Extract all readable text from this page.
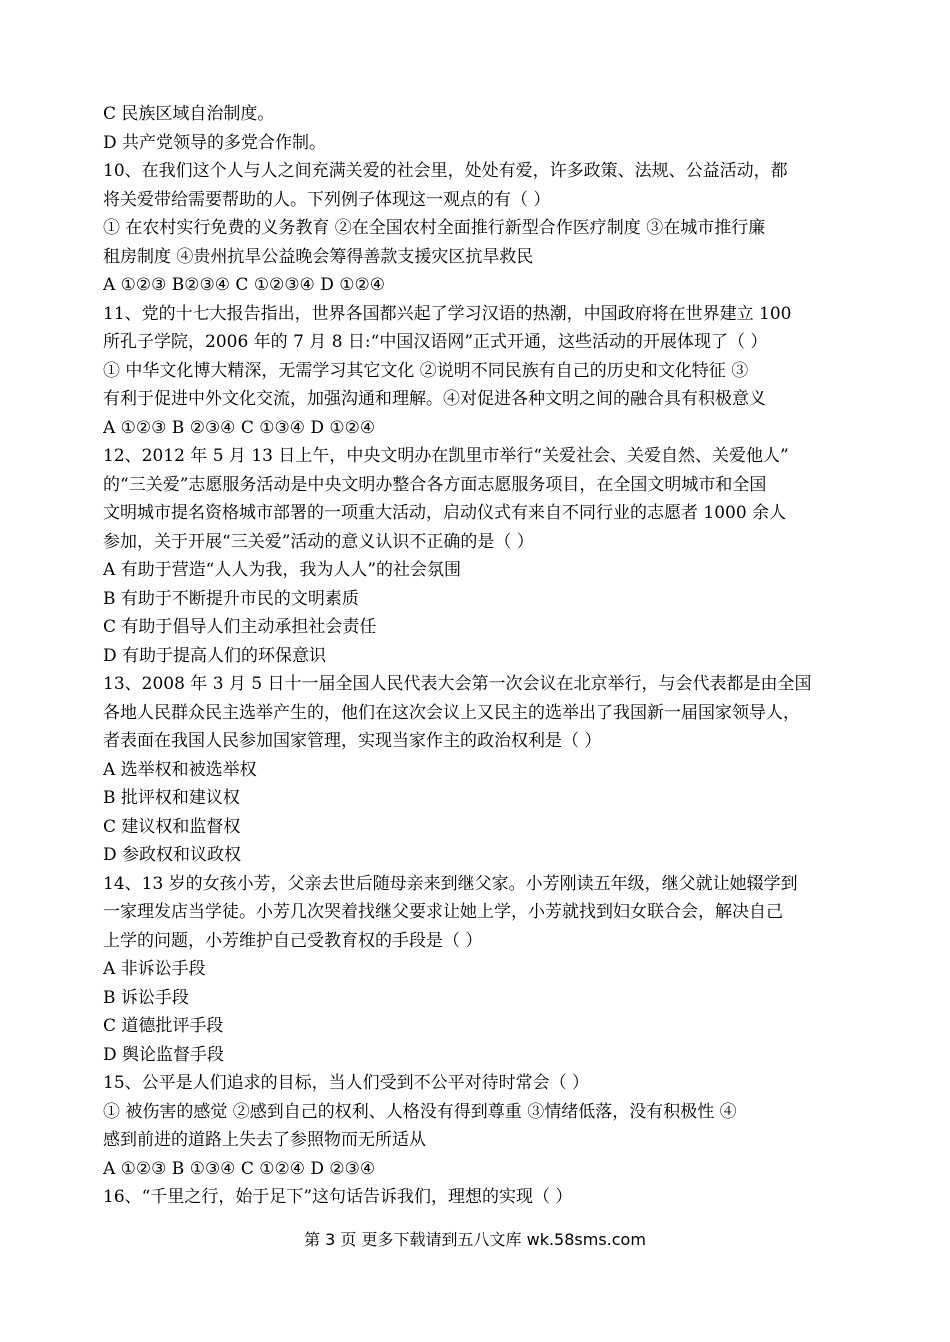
C 民族区域自治制度。
D 共产党领导的多党合作制。
10、在我们这个人与人之间充满关爱的社会里，处处有爱，许多政策、法规、公益活动，都
将关爱带给需要帮助的人。下列例子体现这一观点的有（ ）
① 在农村实行免费的义务教育 ②在全国农村全面推行新型合作医疗制度 ③在城市推行廉
租房制度 ④贵州抗旱公益晚会筹得善款支援灾区抗旱救民
A ①②③ B②③④ C ①②③④ D ①②④
11、党的十七大报告指出，世界各国都兴起了学习汉语的热潮，中国政府将在世界建立 100
所孔子学院，2006 年的 7 月 8 日:“中国汉语网”正式开通，这些活动的开展体现了（ ）
① 中华文化博大精深，无需学习其它文化 ②说明不同民族有自己的历史和文化特征 ③
有利于促进中外文化交流，加强沟通和理解。④对促进各种文明之间的融合具有积极意义
A ①②③ B ②③④ C ①③④ D ①②④
12、2012 年 5 月 13 日上午，中央文明办在凯里市举行“关爱社会、关爱自然、关爱他人”
的“三关爱”志愿服务活动是中央文明办整合各方面志愿服务项目，在全国文明城市和全国
文明城市提名资格城市部署的一项重大活动，启动仪式有来自不同行业的志愿者 1000 余人
参加，关于开展“三关爱”活动的意义认识不正确的是（ ）
A 有助于营造“人人为我，我为人人”的社会氛围
B 有助于不断提升市民的文明素质
C 有助于倡导人们主动承担社会责任
D 有助于提高人们的环保意识
13、2008 年 3 月 5 日十一届全国人民代表大会第一次会议在北京举行，与会代表都是由全国
各地人民群众民主选举产生的，他们在这次会议上又民主的选举出了我国新一届国家领导人，
者表面在我国人民参加国家管理，实现当家作主的政治权利是（ ）
A 选举权和被选举权
B 批评权和建议权
C 建议权和监督权
D 参政权和议政权
14、13 岁的女孩小芳，父亲去世后随母亲来到继父家。小芳刚读五年级，继父就让她辍学到
一家理发店当学徒。小芳几次哭着找继父要求让她上学，小芳就找到妇女联合会，解决自己
上学的问题，小芳维护自己受教育权的手段是（ ）
A 非诉讼手段
B 诉讼手段
C 道德批评手段
D 舆论监督手段
15、公平是人们追求的目标，当人们受到不公平对待时常会（ ）
① 被伤害的感觉 ②感到自己的权利、人格没有得到尊重 ③情绪低落，没有积极性 ④
感到前进的道路上失去了参照物而无所适从
A ①②③ B ①③④ C ①②④ D ②③④
16、“千里之行，始于足下”这句话告诉我们，理想的实现（ ）
第 3 页 更多下载请到五八文库 wk.58sms.com
